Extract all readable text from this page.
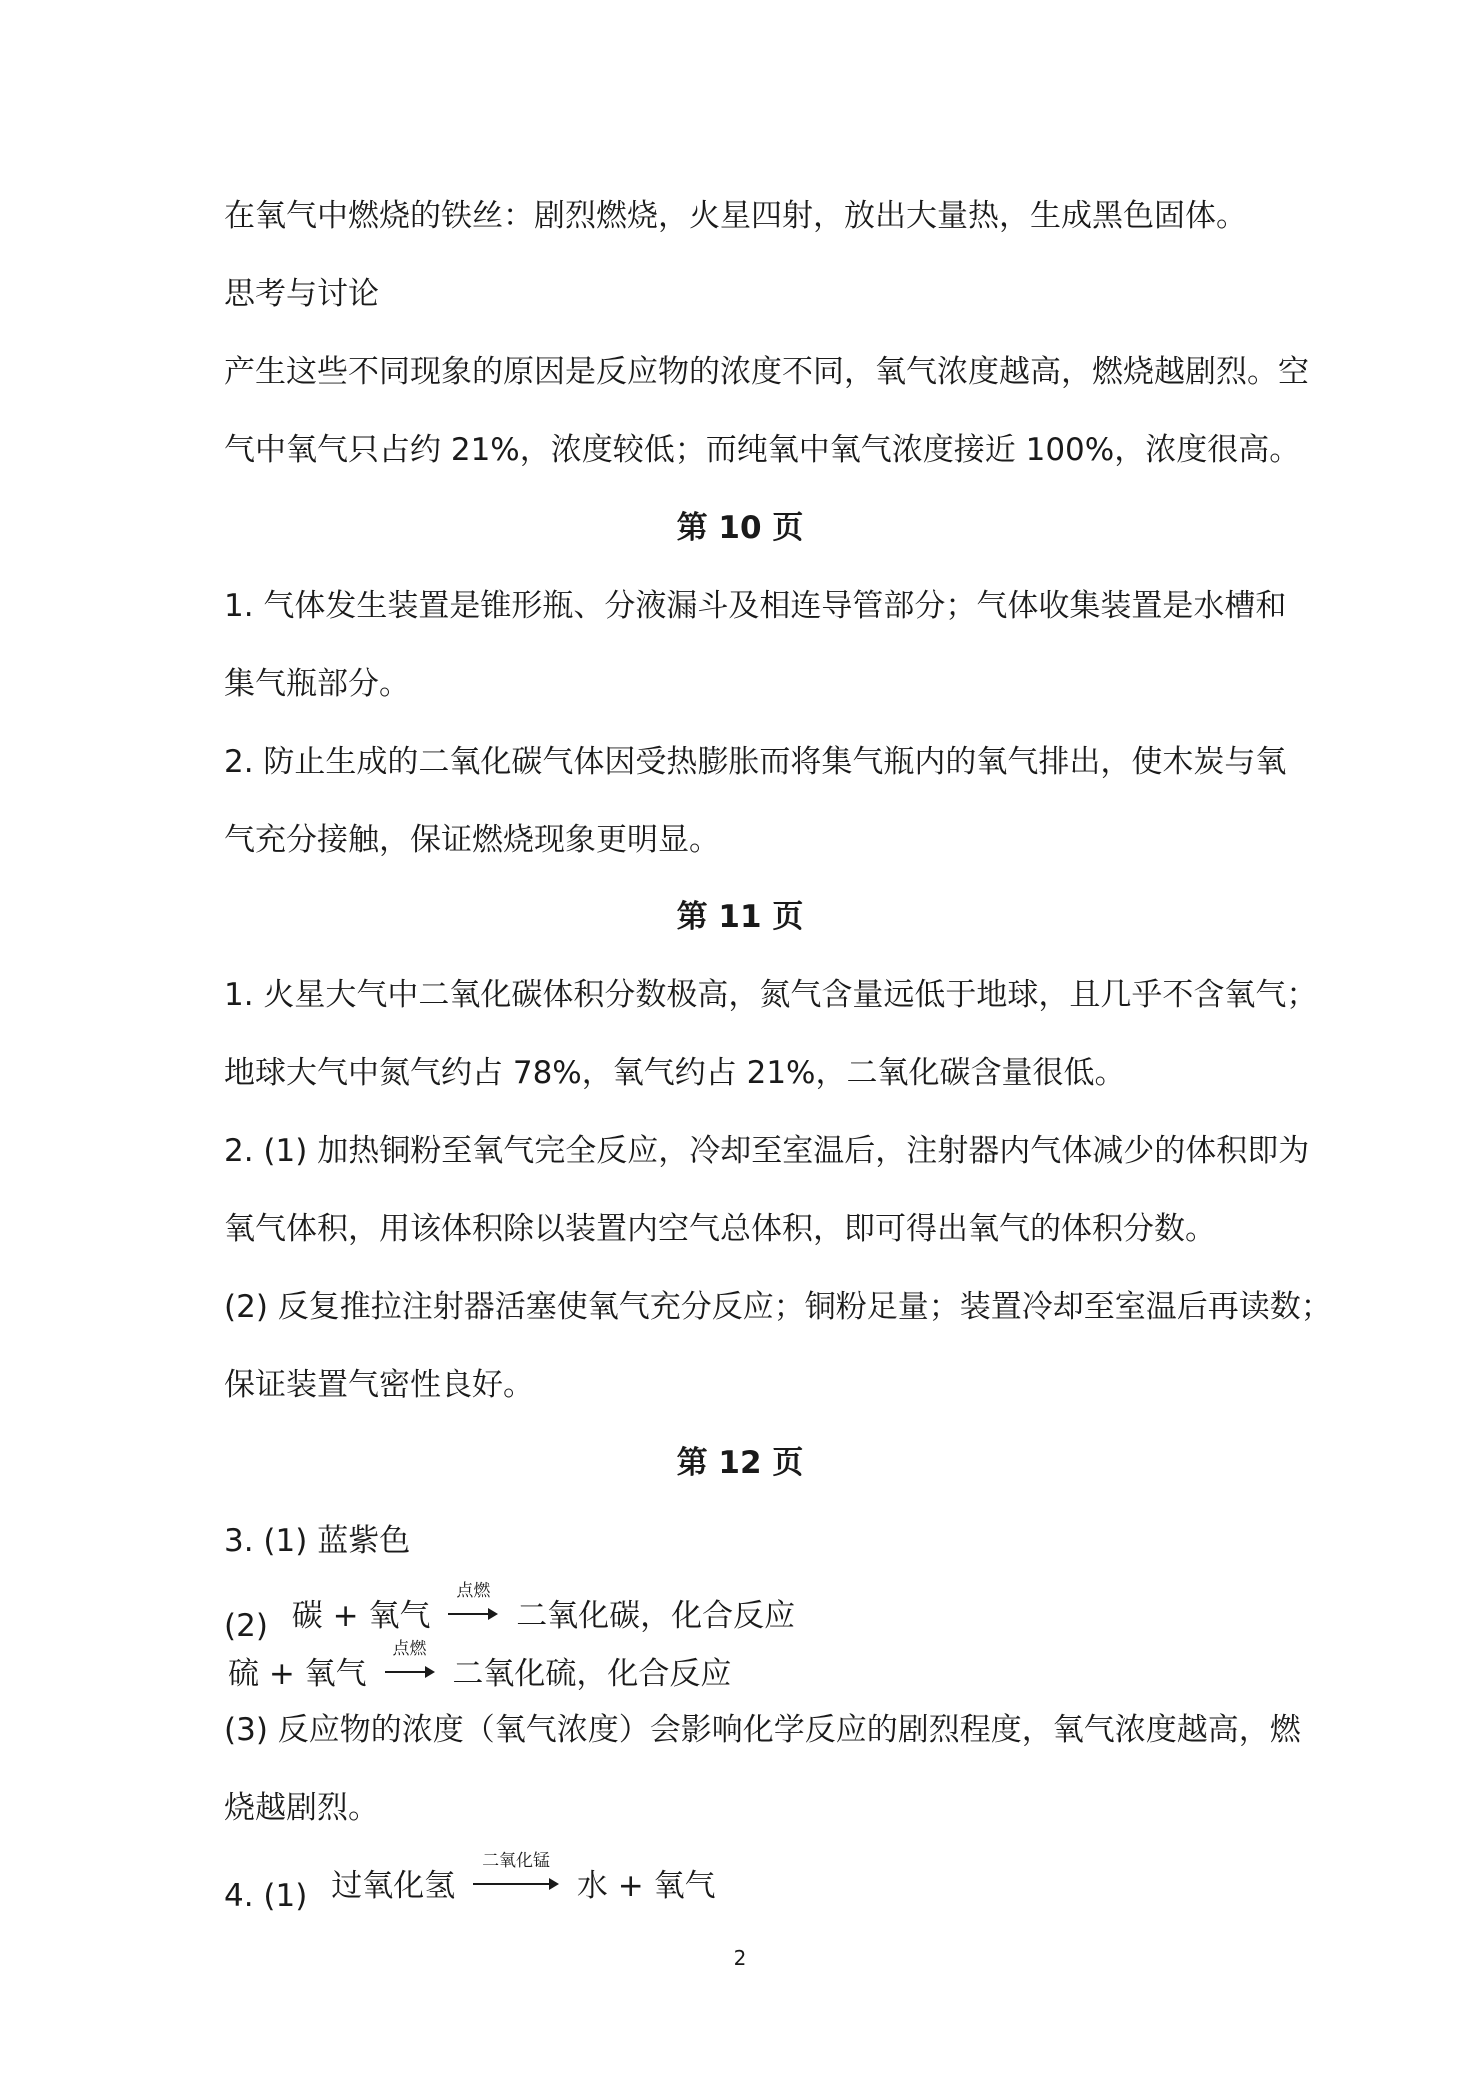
在氧气中燃烧的铁丝：剧烈燃烧，火星四射，放出大量热，生成黑色固体。
思考与讨论
产生这些不同现象的原因是反应物的浓度不同，氧气浓度越高，燃烧越剧烈。空
气中氧气只占约 21%，浓度较低；而纯氧中氧气浓度接近 100%，浓度很高。
第 10 页
1. 气体发生装置是锥形瓶、分液漏斗及相连导管部分；气体收集装置是水槽和
集气瓶部分。
2. 防止生成的二氧化碳气体因受热膨胀而将集气瓶内的氧气排出，使木炭与氧
气充分接触，保证燃烧现象更明显。
第 11 页
1. 火星大气中二氧化碳体积分数极高，氮气含量远低于地球，且几乎不含氧气；
地球大气中氮气约占 78%，氧气约占 21%，二氧化碳含量很低。
2. (1) 加热铜粉至氧气完全反应，冷却至室温后，注射器内气体减少的体积即为
氧气体积，用该体积除以装置内空气总体积，即可得出氧气的体积分数。
(2) 反复推拉注射器活塞使氧气充分反应；铜粉足量；装置冷却至室温后再读数；
保证装置气密性良好。
第 12 页
3. (1) 蓝紫色
(2) 碳 + 氧气
点燃
二氧化碳，化合反应
硫 + 氧气
点燃
二氧化硫，化合反应
(3) 反应物的浓度（氧气浓度）会影响化学反应的剧烈程度，氧气浓度越高，燃
烧越剧烈。
4. (1) 过氧化氢
二氧化锰
水 + 氧气
2
